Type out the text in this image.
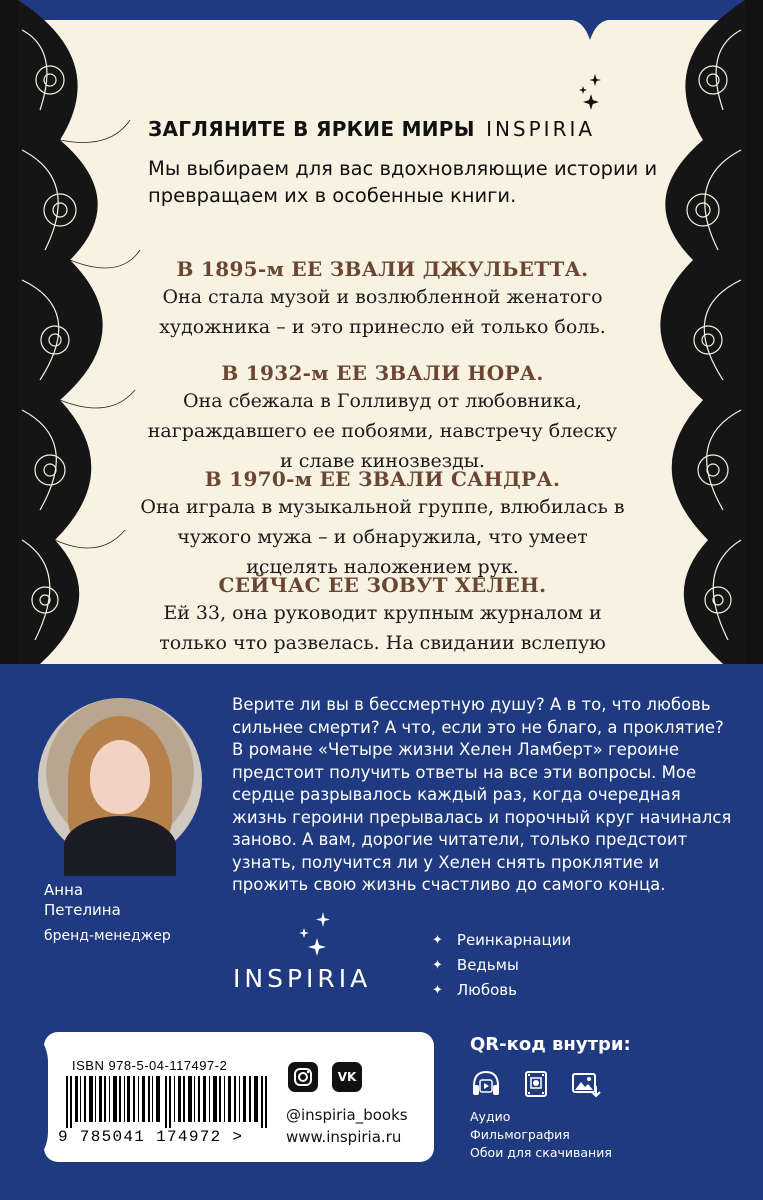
ЗАГЛЯНИТЕ В ЯРКИЕ МИРЫ INSPIRIA
Мы выбираем для вас вдохновляющие истории и превращаем их в особенные книги.
В 1895-м ЕЕ ЗВАЛИ ДЖУЛЬЕТТА.
Она стала музой и возлюбленной женатого художника – и это принесло ей только боль.
В 1932-м ЕЕ ЗВАЛИ НОРА.
Она сбежала в Голливуд от любовника, награждавшего ее побоями, навстречу блеску и славе кинозвезды.
В 1970-м ЕЕ ЗВАЛИ САНДРА.
Она играла в музыкальной группе, влюбилась в чужого мужа – и обнаружила, что умеет исцелять наложением рук.
СЕЙЧАС ЕЕ ЗОВУТ ХЕЛЕН.
Ей 33, она руководит крупным журналом и только что развелась. На свидании вслепую
Анна Петелина
бренд-менеджер
Верите ли вы в бессмертную душу? А в то, что любовь сильнее смерти? А что, если это не благо, а проклятие? В романе «Четыре жизни Хелен Ламберт» героине предстоит получить ответы на все эти вопросы. Мое сердце разрывалось каждый раз, когда очередная жизнь героини прерывалась и порочный круг начинался заново. А вам, дорогие читатели, только предстоит узнать, получится ли у Хелен снять проклятие и прожить свою жизнь счастливо до самого конца.
INSPIRIA
✦ Реинкарнации
✦ Ведьмы
✦ Любовь
ISBN 978-5-04-117497-2
9 785041 174972 >
VK
@inspiria_books
www.inspiria.ru
QR-код внутри:
Аудио
Фильмография
Обои для скачивания
